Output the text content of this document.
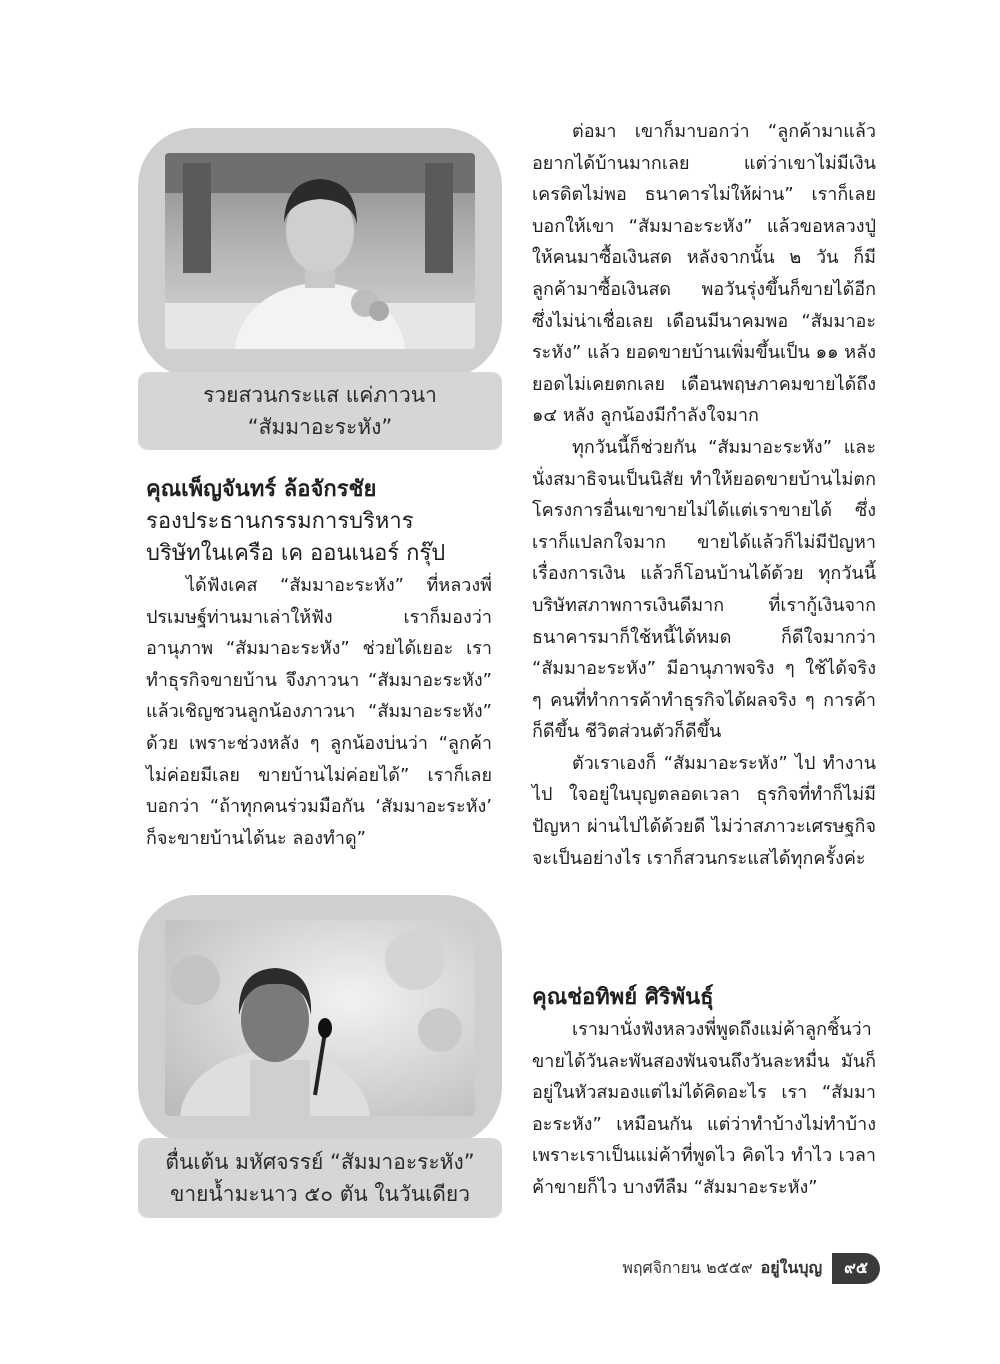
รวยสวนกระแส แค่ภาวนา
“สัมมาอะระหัง”

คุณเพ็ญจันทร์ ล้อจักรชัย

รองประธานกรรมการบริหาร

บริษัทในเครือ เค ออนเนอร์ กรุ๊ป

ได้ฟังเคส “สัมมาอะระหัง” ที่หลวงพี่ปรเมษฐ์ท่านมาเล่าให้ฟัง เราก็มองว่าอานุภาพ “สัมมาอะระหัง” ช่วยได้เยอะ เราทำธุรกิจขายบ้าน จึงภาวนา “สัมมาอะระหัง” แล้วเชิญชวนลูกน้องภาวนา “สัมมาอะระหัง” ด้วย เพราะช่วงหลัง ๆ ลูกน้องบ่นว่า “ลูกค้าไม่ค่อยมีเลย ขายบ้านไม่ค่อยได้” เราก็เลยบอกว่า “ถ้าทุกคนร่วมมือกัน ‘สัมมาอะระหัง’ ก็จะขายบ้านได้นะ ลองทำดู”

ตื่นเต้น มหัศจรรย์ “สัมมาอะระหัง”
ขายน้ำมะนาว ๕๐ ตัน ในวันเดียว

ต่อมา เขาก็มาบอกว่า “ลูกค้ามาแล้วอยากได้บ้านมากเลย แต่ว่าเขาไม่มีเงิน เครดิตไม่พอ ธนาคารไม่ให้ผ่าน” เราก็เลยบอกให้เขา “สัมมาอะระหัง” แล้วขอหลวงปู่ให้คนมาซื้อเงินสด หลังจากนั้น ๒ วัน ก็มีลูกค้ามาซื้อเงินสด พอวันรุ่งขึ้นก็ขายได้อีก ซึ่งไม่น่าเชื่อเลย เดือนมีนาคมพอ “สัมมาอะระหัง” แล้ว ยอดขายบ้านเพิ่มขึ้นเป็น ๑๑ หลัง ยอดไม่เคยตกเลย เดือนพฤษภาคมขายได้ถึง ๑๔ หลัง ลูกน้องมีกำลังใจมาก

ทุกวันนี้ก็ช่วยกัน “สัมมาอะระหัง” และนั่งสมาธิจนเป็นนิสัย ทำให้ยอดขายบ้านไม่ตก โครงการอื่นเขาขายไม่ได้แต่เราขายได้ ซึ่งเราก็แปลกใจมาก ขายได้แล้วก็ไม่มีปัญหาเรื่องการเงิน แล้วก็โอนบ้านได้ด้วย ทุกวันนี้บริษัทสภาพการเงินดีมาก ที่เรากู้เงินจากธนาคารมาก็ใช้หนี้ได้หมด ก็ดีใจมากว่า “สัมมาอะระหัง” มีอานุภาพจริง ๆ ใช้ได้จริง ๆ คนที่ทำการค้าทำธุรกิจได้ผลจริง ๆ การค้าก็ดีขึ้น ชีวิตส่วนตัวก็ดีขึ้น

ตัวเราเองก็ “สัมมาอะระหัง” ไป ทำงานไป ใจอยู่ในบุญตลอดเวลา ธุรกิจที่ทำก็ไม่มีปัญหา ผ่านไปได้ด้วยดี ไม่ว่าสภาวะเศรษฐกิจจะเป็นอย่างไร เราก็สวนกระแสได้ทุกครั้งค่ะ

คุณช่อทิพย์ ศิริพันธุ์

เรามานั่งฟังหลวงพี่พูดถึงแม่ค้าลูกชิ้นว่าขายได้วันละพันสองพันจนถึงวันละหมื่น มันก็อยู่ในหัวสมองแต่ไม่ได้คิดอะไร เรา “สัมมาอะระหัง” เหมือนกัน แต่ว่าทำบ้างไม่ทำบ้าง เพราะเราเป็นแม่ค้าที่พูดไว คิดไว ทำไว เวลาค้าขายก็ไว บางทีลืม “สัมมาอะระหัง”

พฤศจิกายน ๒๕๕๙ อยู่ในบุญ	๙๕
